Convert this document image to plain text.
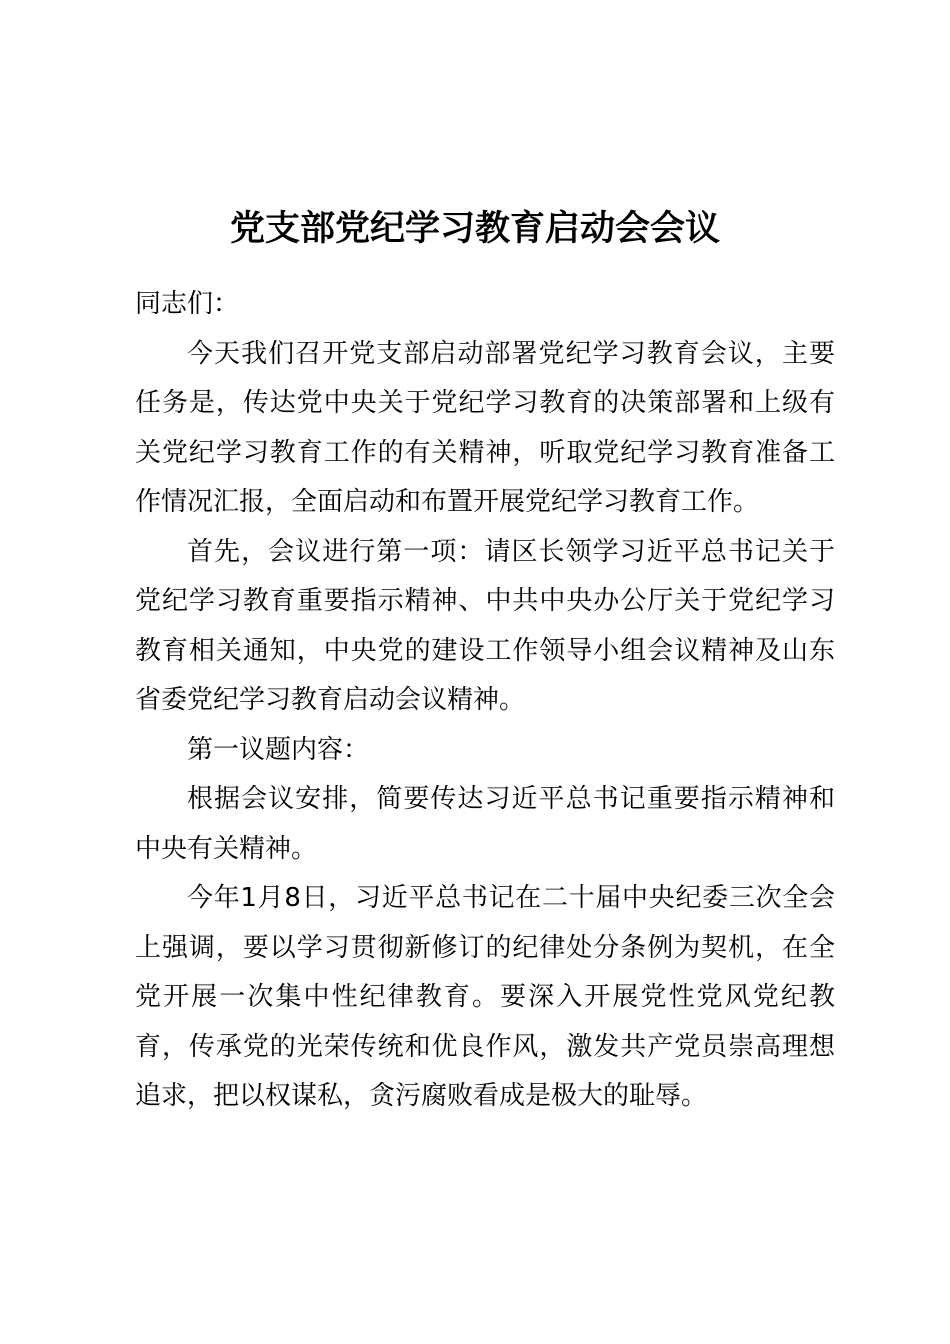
党支部党纪学习教育启动会会议

同志们：

今天我们召开党支部启动部署党纪学习教育会议，主要任务是，传达党中央关于党纪学习教育的决策部署和上级有关党纪学习教育工作的有关精神，听取党纪学习教育准备工作情况汇报，全面启动和布置开展党纪学习教育工作。

首先，会议进行第一项：请区长领学习近平总书记关于党纪学习教育重要指示精神、中共中央办公厅关于党纪学习教育相关通知，中央党的建设工作领导小组会议精神及山东省委党纪学习教育启动会议精神。

第一议题内容：

根据会议安排，简要传达习近平总书记重要指示精神和中央有关精神。

今年1月8日，习近平总书记在二十届中央纪委三次全会上强调，要以学习贯彻新修订的纪律处分条例为契机，在全党开展一次集中性纪律教育。要深入开展党性党风党纪教育，传承党的光荣传统和优良作风，激发共产党员崇高理想追求，把以权谋私，贪污腐败看成是极大的耻辱。
